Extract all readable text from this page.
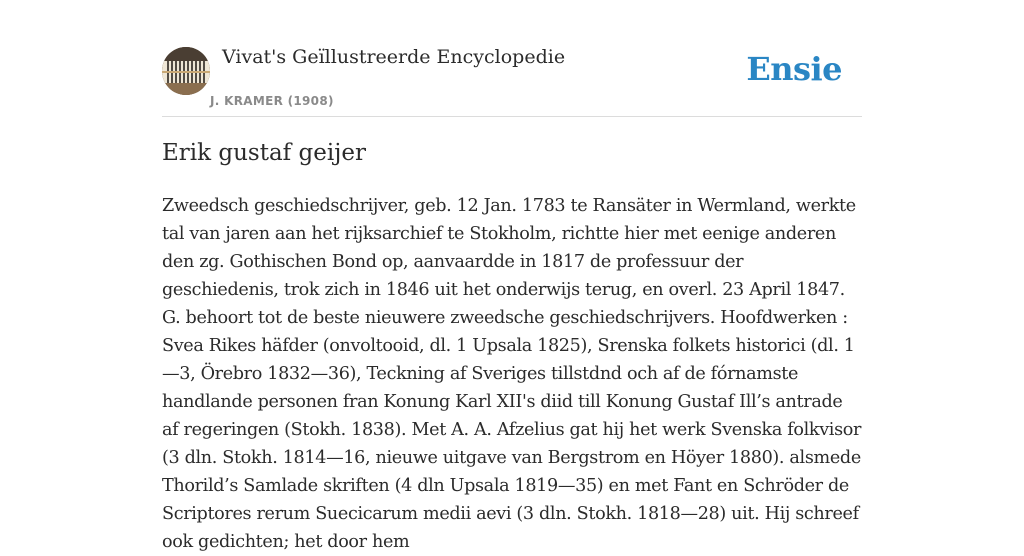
Vivat's Geïllustreerde Encyclopedie
J. KRAMER (1908)
Ensie
Erik gustaf geijer

Zweedsch geschiedschrijver, geb. 12 Jan. 1783 te Ransäter in Wermland, werkte tal van jaren aan het rijksarchief te Stokholm, richtte hier met eenige anderen den zg. Gothischen Bond op, aanvaardde in 1817 de professuur der geschiedenis, trok zich in 1846 uit het onderwijs terug, en overl. 23 April 1847. G. behoort tot de beste nieuwere zweedsche geschiedschrijvers. Hoofdwerken : Svea Rikes häfder (onvoltooid, dl. 1 Upsala 1825), Srenska folkets historici (dl. 1—3, Örebro 1832—36), Teckning af Sveriges tillstdnd och af de fórnamste handlande personen fran Konung Karl XII's diid till Konung Gustaf Ill’s antrade af regeringen (Stokh. 1838). Met A. A. Afzelius gat hij het werk Svenska folkvisor (3 dln. Stokh. 1814—16, nieuwe uitgave van Bergstrom en Höyer 1880). alsmede Thorild’s Samlade skriften (4 dln Upsala 1819—35) en met Fant en Schröder de Scriptores rerum Suecicarum medii aevi (3 dln. Stokh. 1818—28) uit. Hij schreef ook gedichten; het door hem
